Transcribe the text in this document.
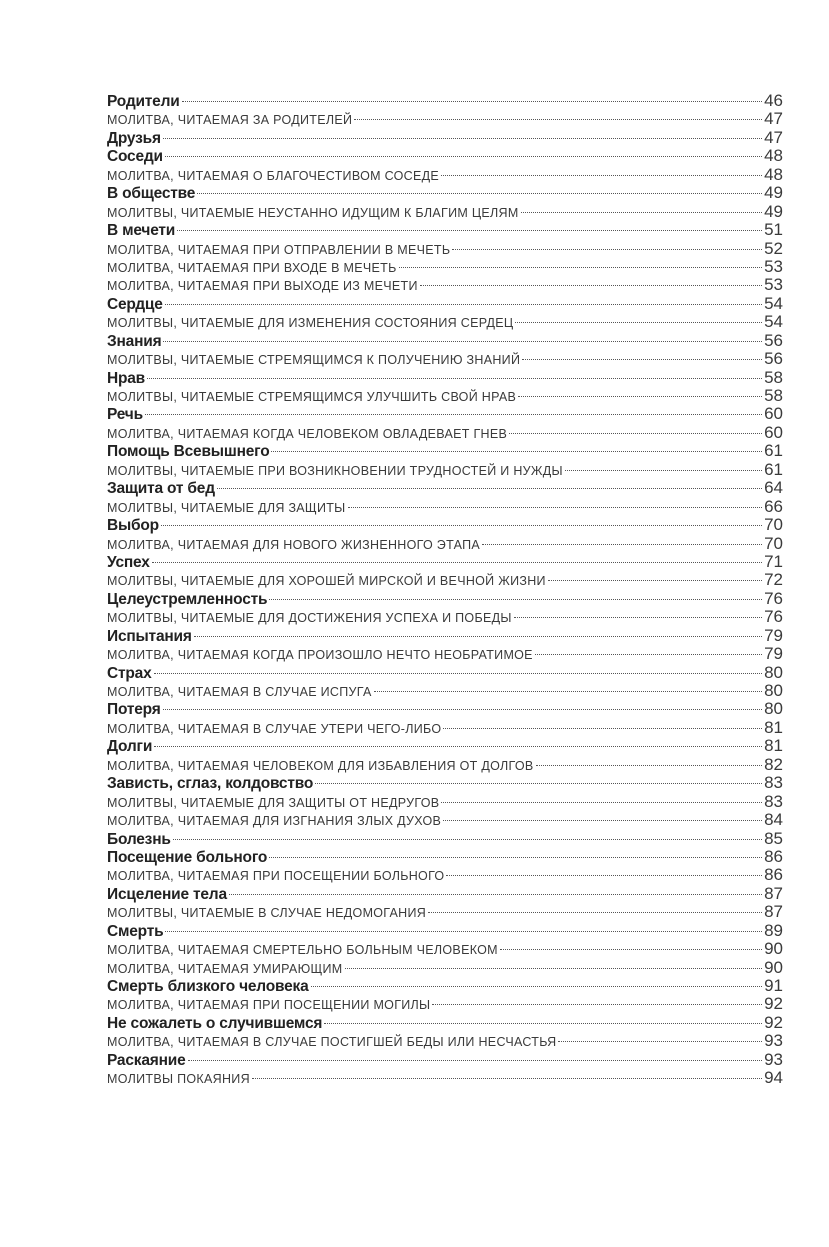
Родители	46
МОЛИТВА, ЧИТАЕМАЯ ЗА РОДИТЕЛЕЙ	47
Друзья	47
Соседи	48
МОЛИТВА, ЧИТАЕМАЯ О БЛАГОЧЕСТИВОМ СОСЕДЕ	48
В обществе	49
МОЛИТВЫ, ЧИТАЕМЫЕ НЕУСТАННО ИДУЩИМ К БЛАГИМ ЦЕЛЯМ	49
В мечети	51
МОЛИТВА, ЧИТАЕМАЯ ПРИ ОТПРАВЛЕНИИ В МЕЧЕТЬ	52
МОЛИТВА, ЧИТАЕМАЯ ПРИ ВХОДЕ В МЕЧЕТЬ	53
МОЛИТВА, ЧИТАЕМАЯ ПРИ ВЫХОДЕ ИЗ МЕЧЕТИ	53
Сердце	54
МОЛИТВЫ, ЧИТАЕМЫЕ ДЛЯ ИЗМЕНЕНИЯ СОСТОЯНИЯ СЕРДЕЦ	54
Знания	56
МОЛИТВЫ, ЧИТАЕМЫЕ СТРЕМЯЩИМСЯ К ПОЛУЧЕНИЮ ЗНАНИЙ	56
Нрав	58
МОЛИТВЫ, ЧИТАЕМЫЕ СТРЕМЯЩИМСЯ УЛУЧШИТЬ СВОЙ НРАВ	58
Речь	60
МОЛИТВА, ЧИТАЕМАЯ КОГДА ЧЕЛОВЕКОМ ОВЛАДЕВАЕТ ГНЕВ	60
Помощь Всевышнего	61
МОЛИТВЫ, ЧИТАЕМЫЕ ПРИ ВОЗНИКНОВЕНИИ ТРУДНОСТЕЙ И НУЖДЫ	61
Защита от бед	64
МОЛИТВЫ, ЧИТАЕМЫЕ ДЛЯ ЗАЩИТЫ	66
Выбор	70
МОЛИТВА, ЧИТАЕМАЯ ДЛЯ НОВОГО ЖИЗНЕННОГО ЭТАПА	70
Успех	71
МОЛИТВЫ, ЧИТАЕМЫЕ ДЛЯ ХОРОШЕЙ МИРСКОЙ И ВЕЧНОЙ ЖИЗНИ	72
Целеустремленность	76
МОЛИТВЫ, ЧИТАЕМЫЕ ДЛЯ ДОСТИЖЕНИЯ УСПЕХА И ПОБЕДЫ	76
Испытания	79
МОЛИТВА, ЧИТАЕМАЯ КОГДА ПРОИЗОШЛО НЕЧТО НЕОБРАТИМОЕ	79
Страх	80
МОЛИТВА, ЧИТАЕМАЯ В СЛУЧАЕ ИСПУГА	80
Потеря	80
МОЛИТВА, ЧИТАЕМАЯ В СЛУЧАЕ УТЕРИ ЧЕГО-ЛИБО	81
Долги	81
МОЛИТВА, ЧИТАЕМАЯ ЧЕЛОВЕКОМ ДЛЯ ИЗБАВЛЕНИЯ ОТ ДОЛГОВ	82
Зависть, сглаз, колдовство	83
МОЛИТВЫ, ЧИТАЕМЫЕ ДЛЯ ЗАЩИТЫ ОТ НЕДРУГОВ	83
МОЛИТВА, ЧИТАЕМАЯ ДЛЯ ИЗГНАНИЯ ЗЛЫХ ДУХОВ	84
Болезнь	85
Посещение больного	86
МОЛИТВА, ЧИТАЕМАЯ ПРИ ПОСЕЩЕНИИ БОЛЬНОГО	86
Исцеление тела	87
МОЛИТВЫ, ЧИТАЕМЫЕ В СЛУЧАЕ НЕДОМОГАНИЯ	87
Смерть	89
МОЛИТВА, ЧИТАЕМАЯ СМЕРТЕЛЬНО БОЛЬНЫМ ЧЕЛОВЕКОМ	90
МОЛИТВА, ЧИТАЕМАЯ УМИРАЮЩИМ	90
Смерть близкого человека	91
МОЛИТВА, ЧИТАЕМАЯ ПРИ ПОСЕЩЕНИИ МОГИЛЫ	92
Не сожалеть о случившемся	92
МОЛИТВА, ЧИТАЕМАЯ В СЛУЧАЕ ПОСТИГШЕЙ БЕДЫ ИЛИ НЕСЧАСТЬЯ	93
Раскаяние	93
МОЛИТВЫ ПОКАЯНИЯ	94
